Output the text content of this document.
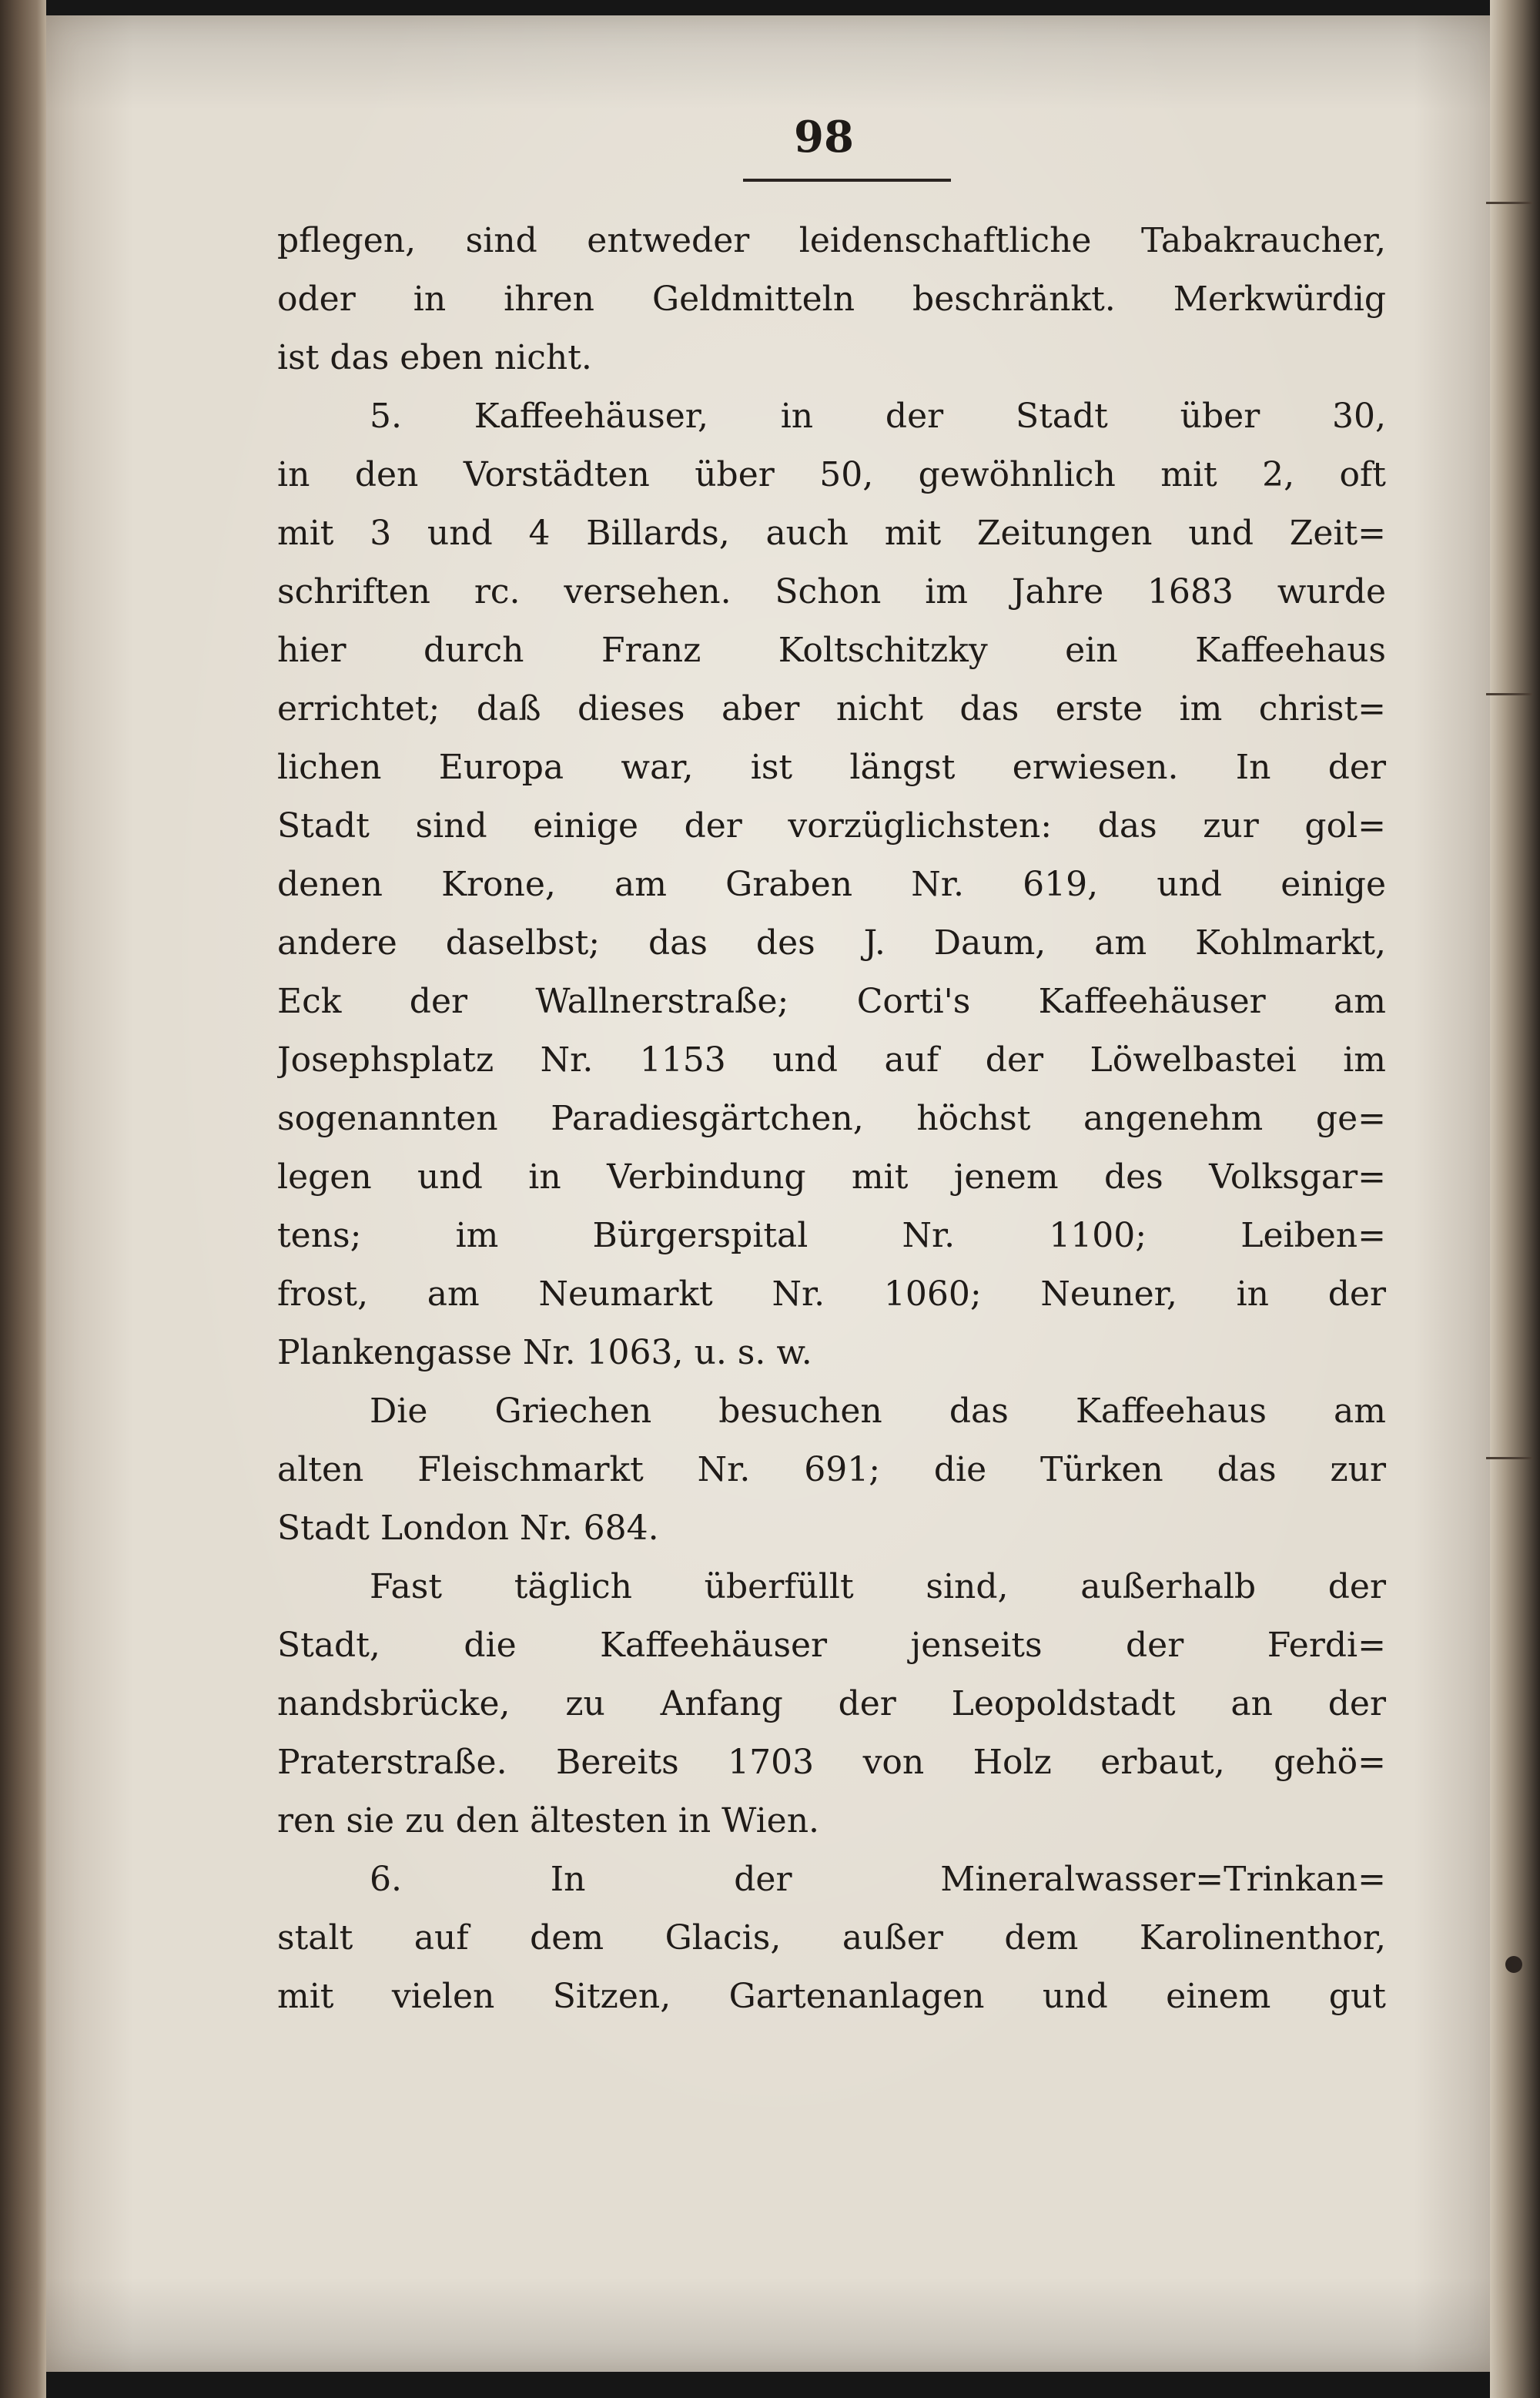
98

pflegen, sind entweder leidenschaftliche Tabakraucher,
oder in ihren Geldmitteln beschränkt. Merkwürdig
ist das eben nicht.

5. Kaffeehäuser, in der Stadt über 30,
in den Vorstädten über 50, gewöhnlich mit 2, oft
mit 3 und 4 Billards, auch mit Zeitungen und Zeit=
schriften rc. versehen. Schon im Jahre 1683 wurde
hier durch Franz Koltschitzky ein Kaffeehaus
errichtet; daß dieses aber nicht das erste im christ=
lichen Europa war, ist längst erwiesen. In der
Stadt sind einige der vorzüglichsten: das zur gol=
denen Krone, am Graben Nr. 619, und einige
andere daselbst; das des J. Daum, am Kohlmarkt,
Eck der Wallnerstraße; Corti's Kaffeehäuser am
Josephsplatz Nr. 1153 und auf der Löwelbastei im
sogenannten Paradiesgärtchen, höchst angenehm ge=
legen und in Verbindung mit jenem des Volksgar=
tens; im Bürgerspital Nr. 1100; Leiben=
frost, am Neumarkt Nr. 1060; Neuner, in der
Plankengasse Nr. 1063, u. s. w.

Die Griechen besuchen das Kaffeehaus am
alten Fleischmarkt Nr. 691; die Türken das zur
Stadt London Nr. 684.

Fast täglich überfüllt sind, außerhalb der
Stadt, die Kaffeehäuser jenseits der Ferdi=
nandsbrücke, zu Anfang der Leopoldstadt an der
Praterstraße. Bereits 1703 von Holz erbaut, gehö=
ren sie zu den ältesten in Wien.

6. In der Mineralwasser=Trinkan=
stalt auf dem Glacis, außer dem Karolinenthor,
mit vielen Sitzen, Gartenanlagen und einem gut
